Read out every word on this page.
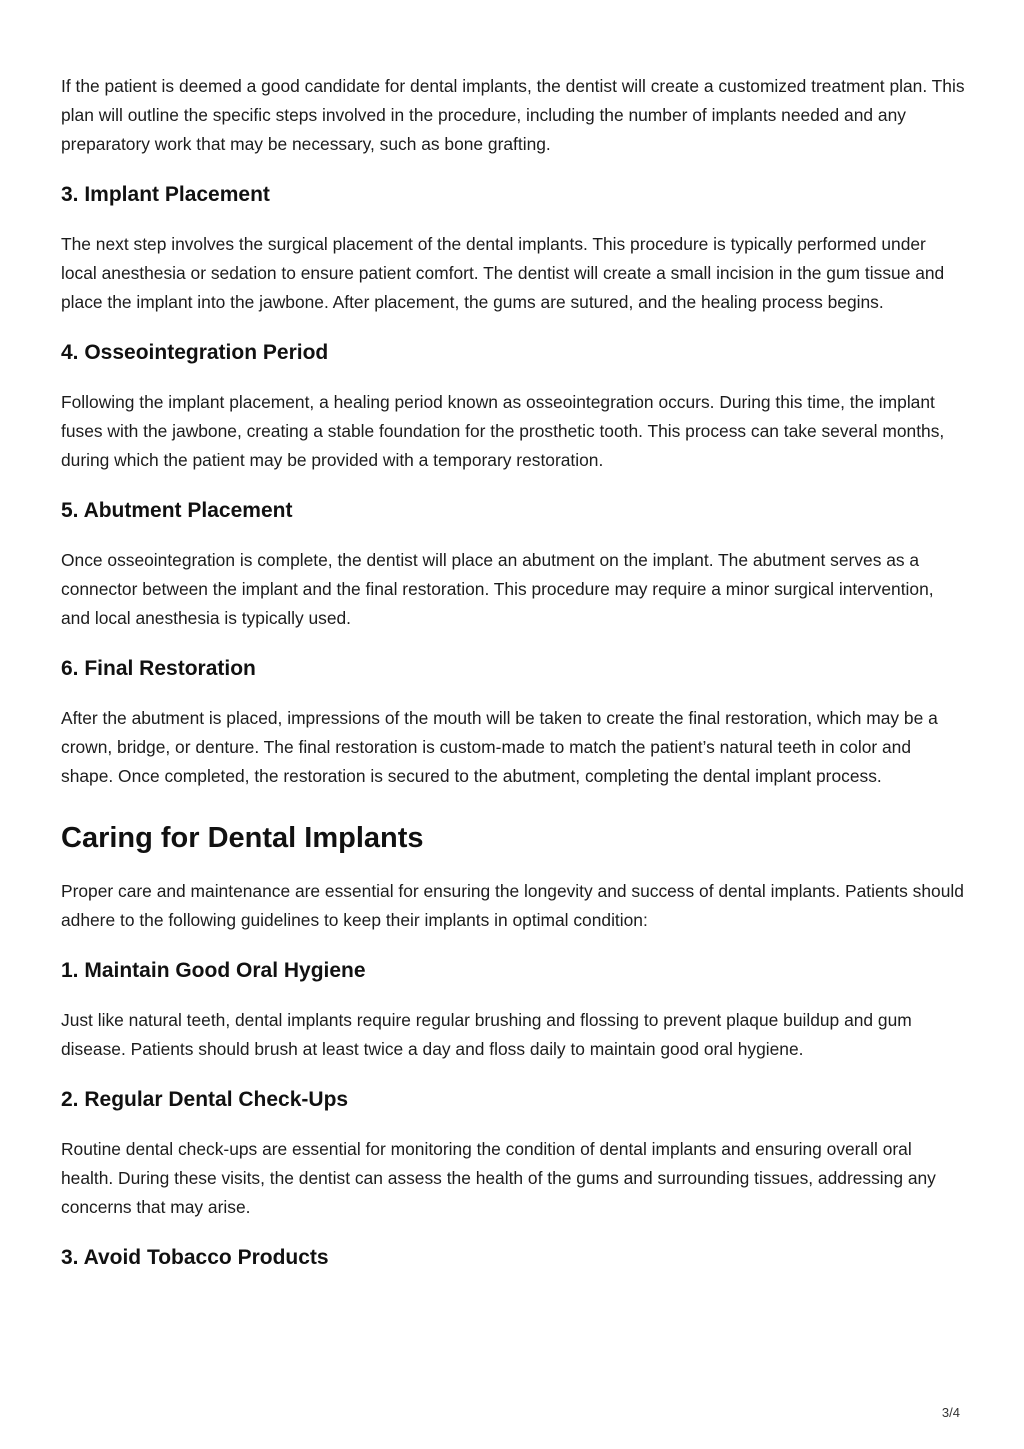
If the patient is deemed a good candidate for dental implants, the dentist will create a customized treatment plan. This plan will outline the specific steps involved in the procedure, including the number of implants needed and any preparatory work that may be necessary, such as bone grafting.

3. Implant Placement

The next step involves the surgical placement of the dental implants. This procedure is typically performed under local anesthesia or sedation to ensure patient comfort. The dentist will create a small incision in the gum tissue and place the implant into the jawbone. After placement, the gums are sutured, and the healing process begins.

4. Osseointegration Period

Following the implant placement, a healing period known as osseointegration occurs. During this time, the implant fuses with the jawbone, creating a stable foundation for the prosthetic tooth. This process can take several months, during which the patient may be provided with a temporary restoration.

5. Abutment Placement

Once osseointegration is complete, the dentist will place an abutment on the implant. The abutment serves as a connector between the implant and the final restoration. This procedure may require a minor surgical intervention, and local anesthesia is typically used.

6. Final Restoration

After the abutment is placed, impressions of the mouth will be taken to create the final restoration, which may be a crown, bridge, or denture. The final restoration is custom-made to match the patient’s natural teeth in color and shape. Once completed, the restoration is secured to the abutment, completing the dental implant process.

Caring for Dental Implants

Proper care and maintenance are essential for ensuring the longevity and success of dental implants. Patients should adhere to the following guidelines to keep their implants in optimal condition:

1. Maintain Good Oral Hygiene

Just like natural teeth, dental implants require regular brushing and flossing to prevent plaque buildup and gum disease. Patients should brush at least twice a day and floss daily to maintain good oral hygiene.

2. Regular Dental Check-Ups

Routine dental check-ups are essential for monitoring the condition of dental implants and ensuring overall oral health. During these visits, the dentist can assess the health of the gums and surrounding tissues, addressing any concerns that may arise.

3. Avoid Tobacco Products
3/4
